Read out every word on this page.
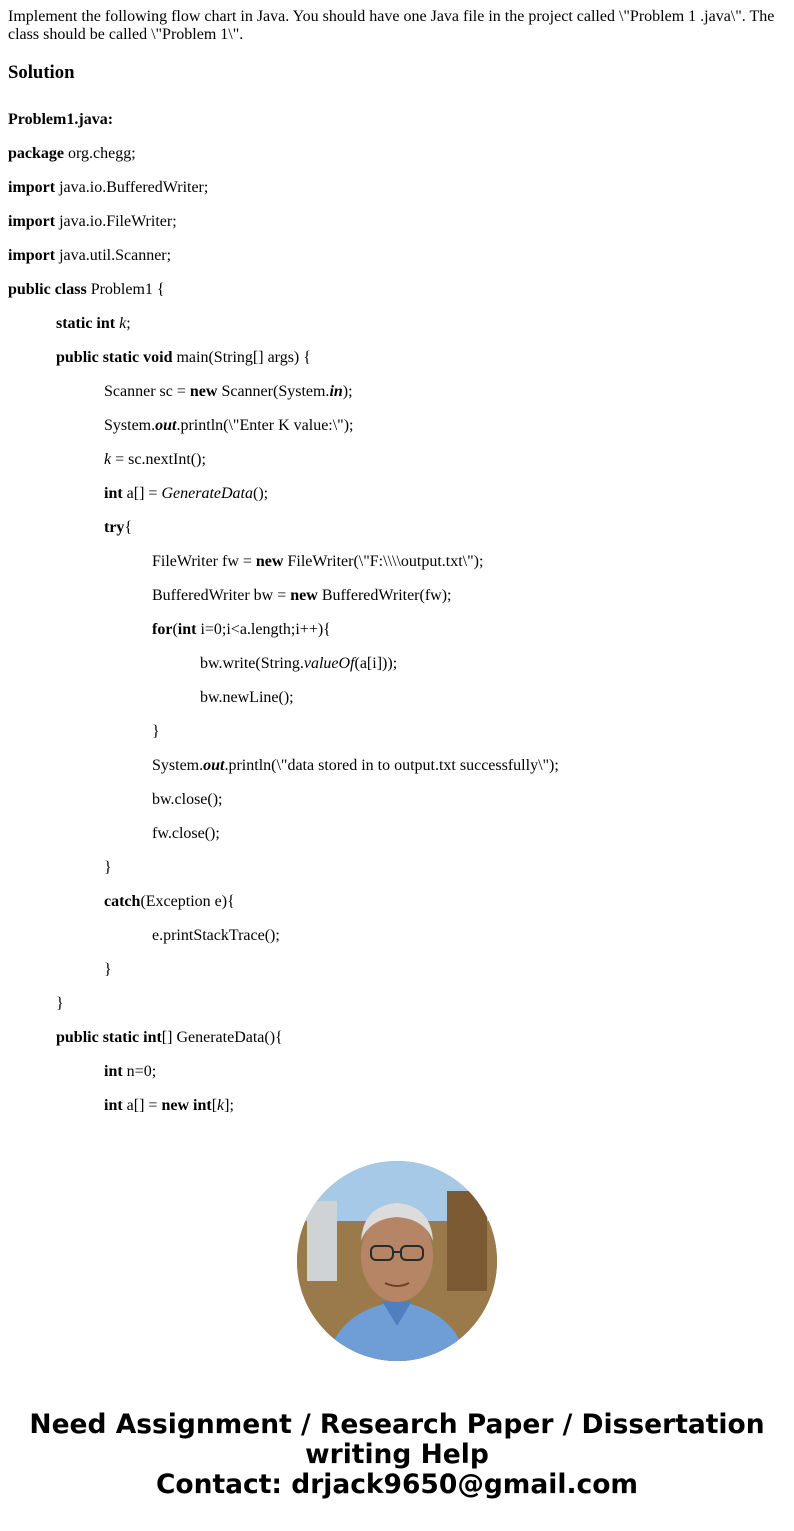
Implement the following flow chart in Java. You should have one Java file in the project called \"Problem 1 .java\". The class should be called \"Problem 1\".
Solution
Problem1.java:
package org.chegg;
import java.io.BufferedWriter;
import java.io.FileWriter;
import java.util.Scanner;
public class Problem1 {
static int k;
public static void main(String[] args) {
Scanner sc = new Scanner(System.in);
System.out.println(\"Enter K value:\");
k = sc.nextInt();
int a[] = GenerateData();
try{
FileWriter fw = new FileWriter(\"F:\\\\output.txt\");
BufferedWriter bw = new BufferedWriter(fw);
for(int i=0;i<a.length;i++){
bw.write(String.valueOf(a[i]));
bw.newLine();
}
System.out.println(\"data stored in to output.txt successfully\");
bw.close();
fw.close();
}
catch(Exception e){
e.printStackTrace();
}
}
public static int[] GenerateData(){
int n=0;
int a[] = new int[k];
Need Assignment / Research Paper / Dissertation
writing Help
Contact: drjack9650@gmail.com
